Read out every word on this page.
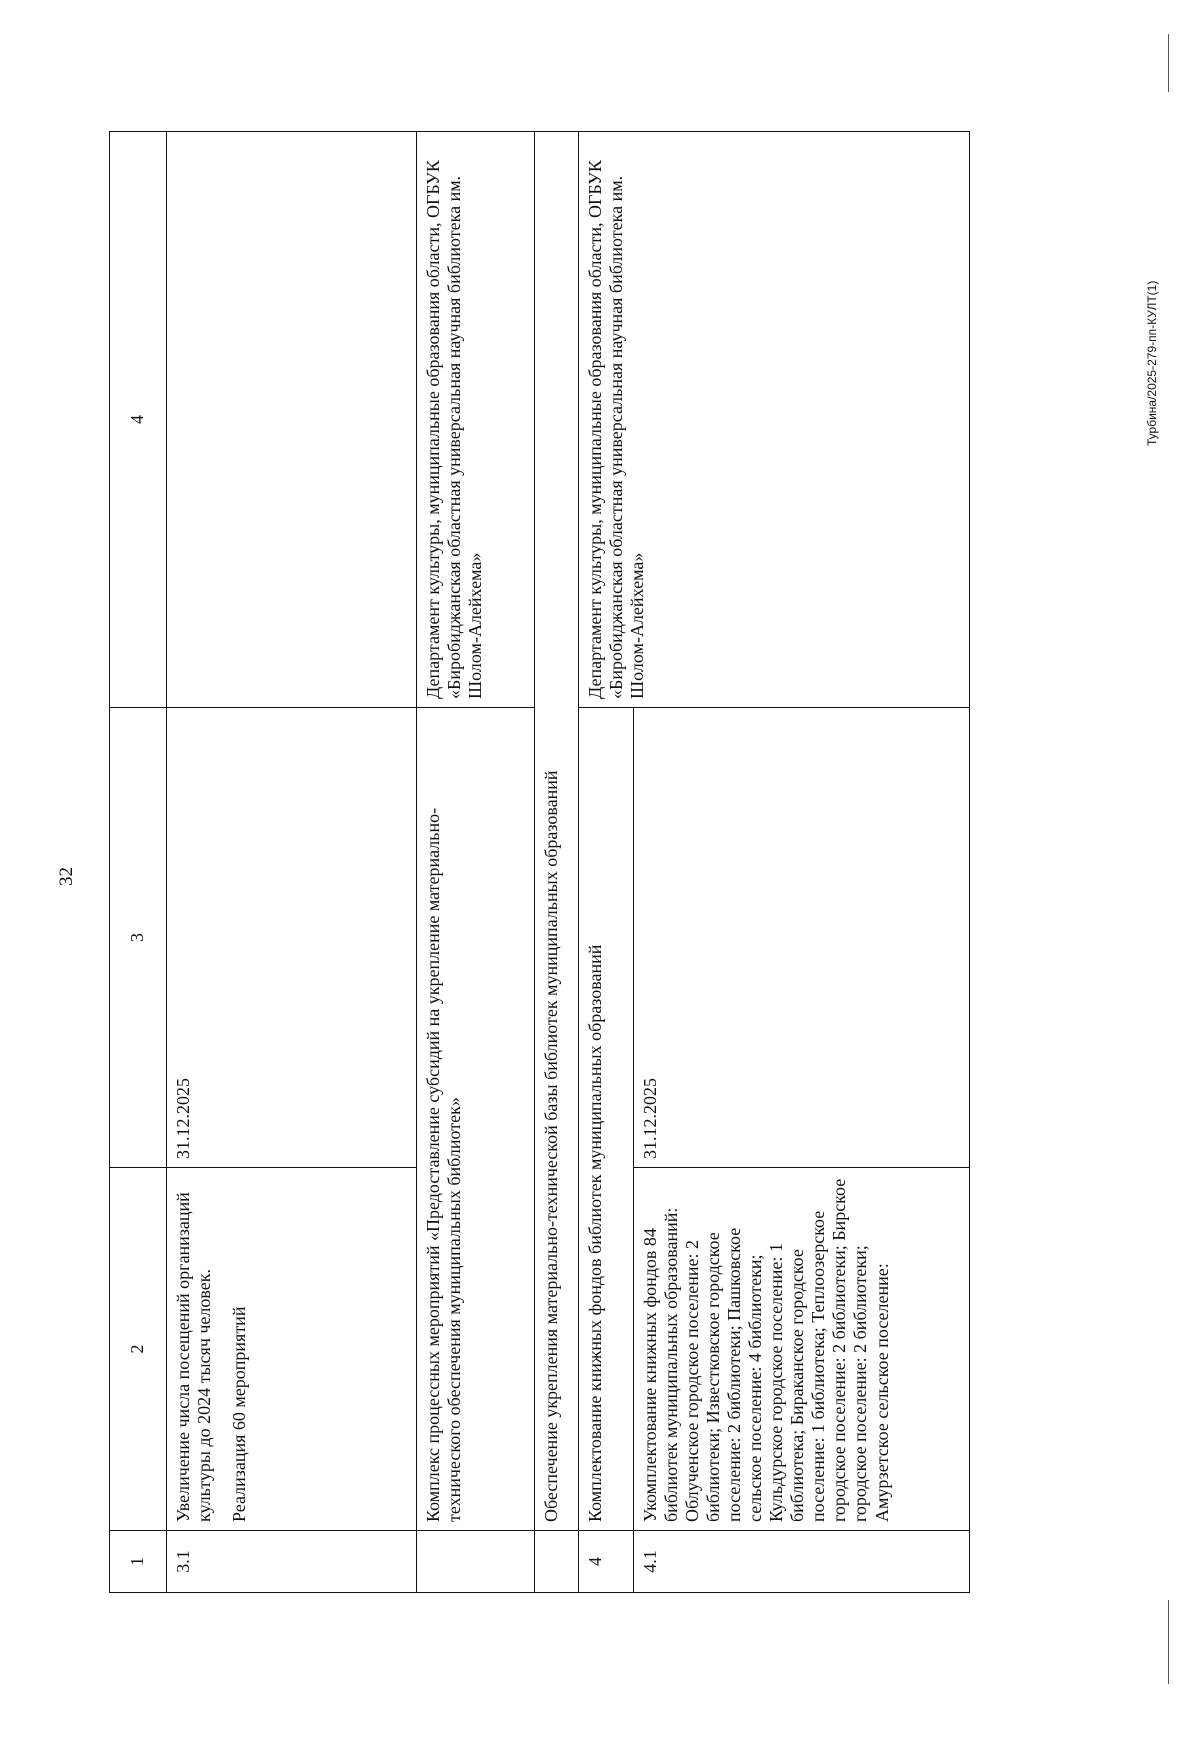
32
1	2	3	4
3.1	Увеличение числа посещений организаций культуры до 2024 тысяч человек. Реализация 60 мероприятий	31.12.2025	
	Комплекс процессных мероприятий «Предоставление субсидий на укрепление материально-технического обеспечения муниципальных библиотек»		Департамент культуры, муниципальные образования области, ОГБУК «Биробиджанская областная универсальная научная библиотека им. Шолом-Алейхема»
	Обеспечение укрепления материально-технической базы библиотек муниципальных образований		
4	Комплектование книжных фондов библиотек муниципальных образований		Департамент культуры, муниципальные образования области, ОГБУК «Биробиджанская областная универсальная научная библиотека им. Шолом-Алейхема»
4.1	Укомплектование книжных фондов 84 библиотек муниципальных образований: Облученское городское поселение: 2 библиотеки; Известковское городское поселение: 2 библиотеки; Пашковское сельское поселение: 4 библиотеки; Кульдурское городское поселение: 1 библиотека; Бираканское городское поселение: 1 библиотека; Теплоозерское городское поселение: 2 библиотеки; Бирское городское поселение: 2 библиотеки; Амурзетское сельское поселение:	31.12.2025	
Турбина/2025-279-пп-КУЛТ(1)
